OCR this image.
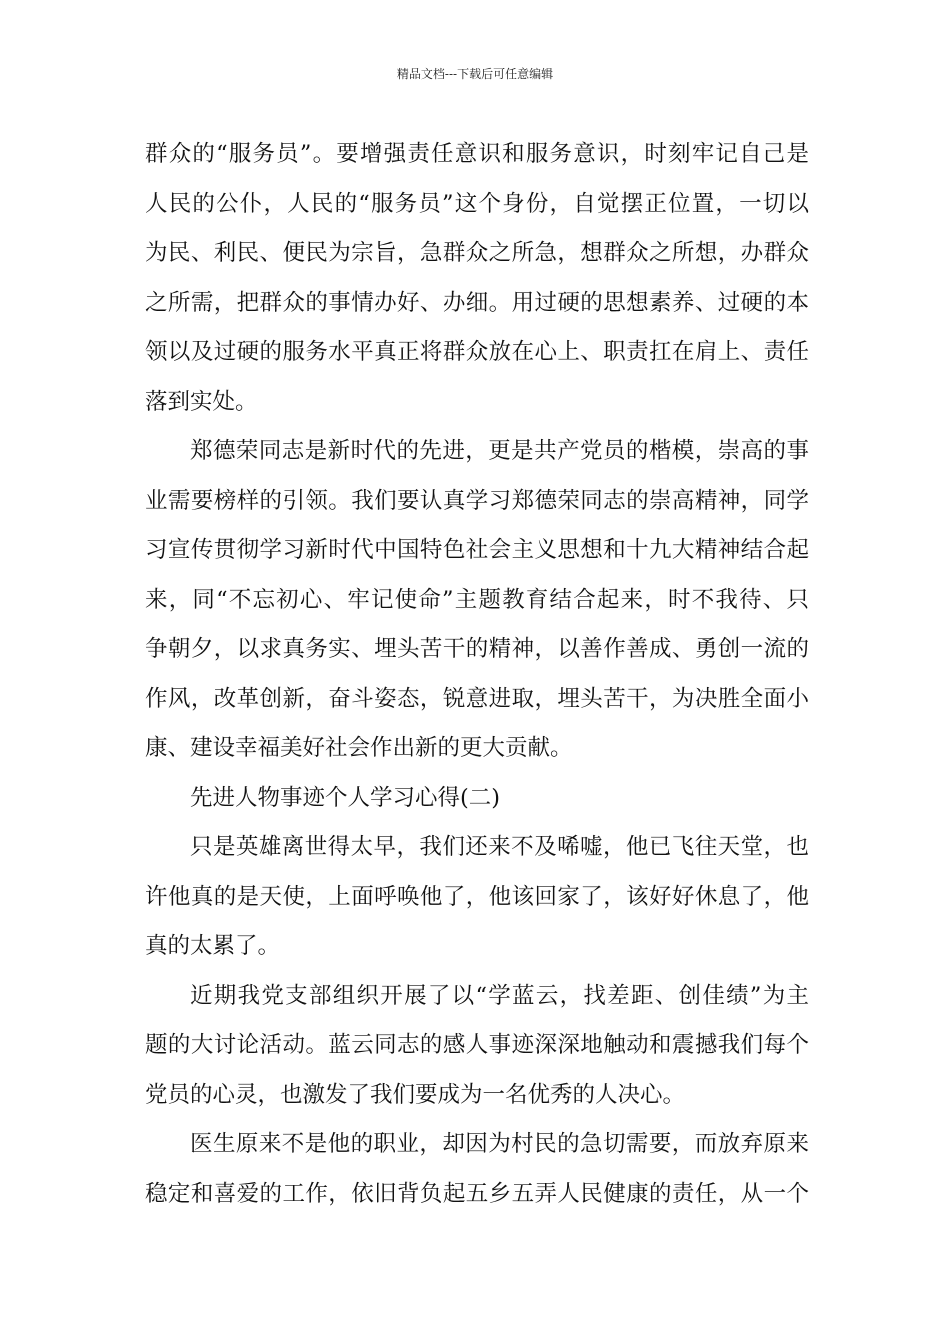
精品文档---下载后可任意编辑
群众的“服务员”。要增强责任意识和服务意识，时刻牢记自己是
人民的公仆，人民的“服务员”这个身份，自觉摆正位置，一切以
为民、利民、便民为宗旨，急群众之所急，想群众之所想，办群众
之所需，把群众的事情办好、办细。用过硬的思想素养、过硬的本
领以及过硬的服务水平真正将群众放在心上、职责扛在肩上、责任
落到实处。
郑德荣同志是新时代的先进，更是共产党员的楷模，崇高的事
业需要榜样的引领。我们要认真学习郑德荣同志的崇高精神，同学
习宣传贯彻学习新时代中国特色社会主义思想和十九大精神结合起
来，同“不忘初心、牢记使命”主题教育结合起来，时不我待、只
争朝夕，以求真务实、埋头苦干的精神，以善作善成、勇创一流的
作风，改革创新，奋斗姿态，锐意进取，埋头苦干，为决胜全面小
康、建设幸福美好社会作出新的更大贡献。
先进人物事迹个人学习心得(二)
只是英雄离世得太早，我们还来不及唏嘘，他已飞往天堂，也
许他真的是天使，上面呼唤他了，他该回家了，该好好休息了，他
真的太累了。
近期我党支部组织开展了以“学蓝云，找差距、创佳绩”为主
题的大讨论活动。蓝云同志的感人事迹深深地触动和震撼我们每个
党员的心灵，也激发了我们要成为一名优秀的人决心。
医生原来不是他的职业，却因为村民的急切需要，而放弃原来
稳定和喜爱的工作，依旧背负起五乡五弄人民健康的责任，从一个
